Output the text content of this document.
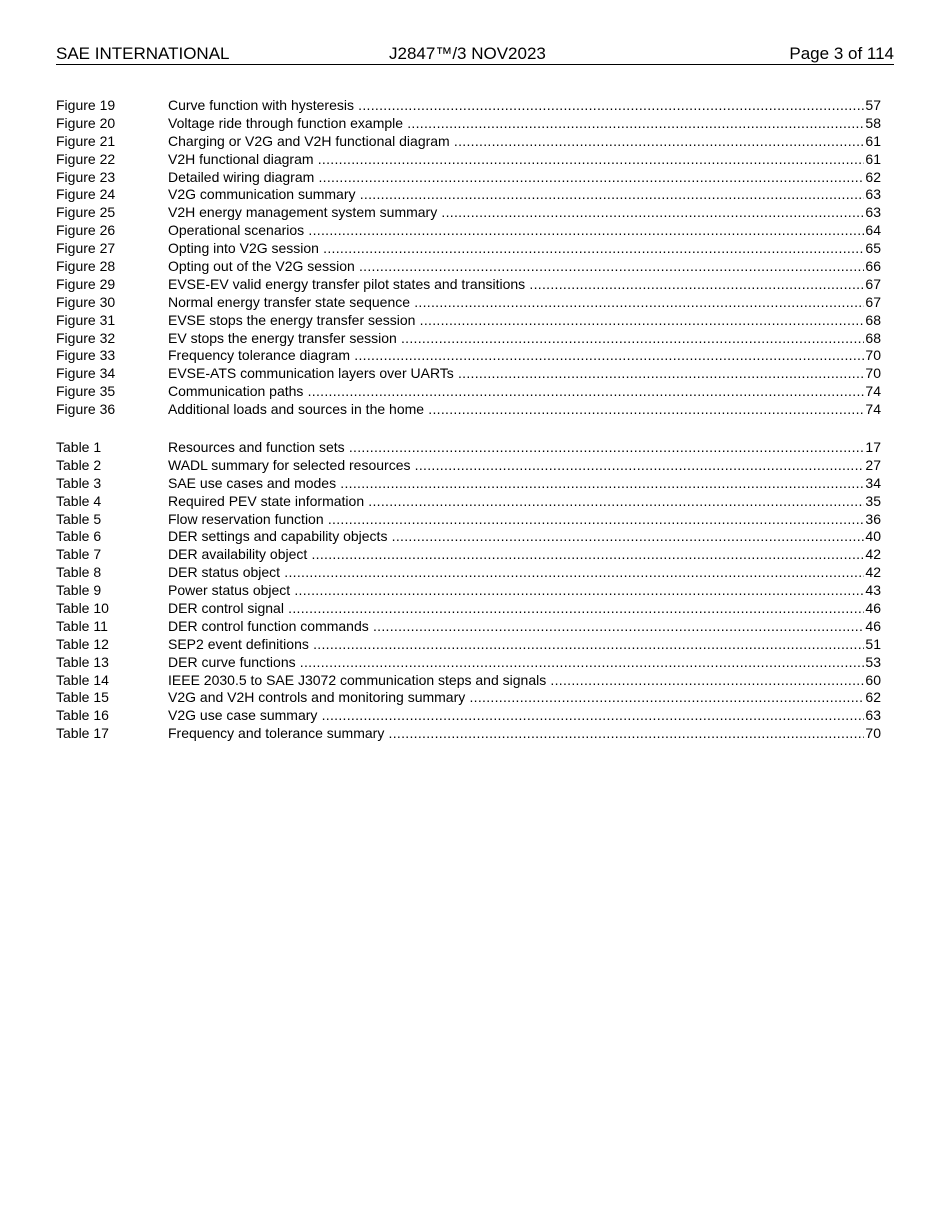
SAE INTERNATIONAL	J2847™/3 NOV2023	Page 3 of 114
Figure 19	Curve function with hysteresis .....	57
Figure 20	Voltage ride through function example .....	58
Figure 21	Charging or V2G and V2H functional diagram .....	61
Figure 22	V2H functional diagram .....	61
Figure 23	Detailed wiring diagram .....	62
Figure 24	V2G communication summary .....	63
Figure 25	V2H energy management system summary .....	63
Figure 26	Operational scenarios .....	64
Figure 27	Opting into V2G session .....	65
Figure 28	Opting out of the V2G session .....	66
Figure 29	EVSE-EV valid energy transfer pilot states and transitions .....	67
Figure 30	Normal energy transfer state sequence .....	67
Figure 31	EVSE stops the energy transfer session .....	68
Figure 32	EV stops the energy transfer session .....	68
Figure 33	Frequency tolerance diagram .....	70
Figure 34	EVSE-ATS communication layers over UARTs .....	70
Figure 35	Communication paths .....	74
Figure 36	Additional loads and sources in the home .....	74
Table 1	Resources and function sets .....	17
Table 2	WADL summary for selected resources .....	27
Table 3	SAE use cases and modes .....	34
Table 4	Required PEV state information .....	35
Table 5	Flow reservation function .....	36
Table 6	DER settings and capability objects .....	40
Table 7	DER availability object .....	42
Table 8	DER status object .....	42
Table 9	Power status object .....	43
Table 10	DER control signal .....	46
Table 11	DER control function commands .....	46
Table 12	SEP2 event definitions .....	51
Table 13	DER curve functions .....	53
Table 14	IEEE 2030.5 to SAE J3072 communication steps and signals .....	60
Table 15	V2G and V2H controls and monitoring summary .....	62
Table 16	V2G use case summary .....	63
Table 17	Frequency and tolerance summary .....	70
